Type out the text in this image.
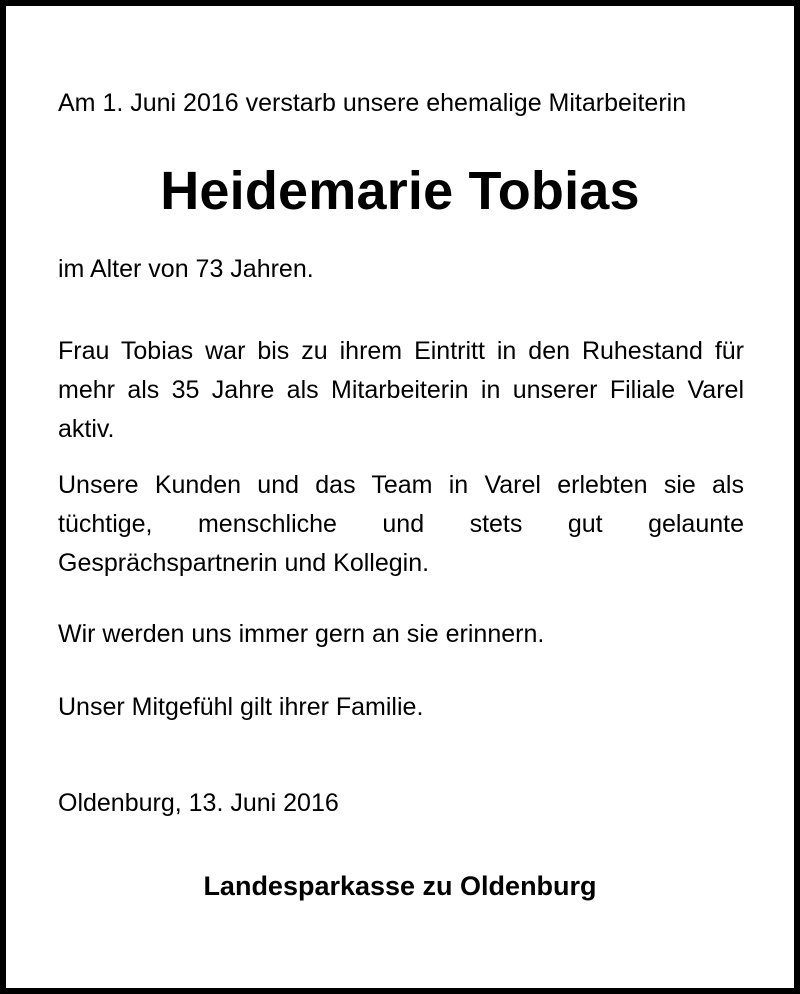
Am 1. Juni 2016 verstarb unsere ehemalige Mitarbeiterin

Heidemarie Tobias

im Alter von 73 Jahren.

Frau Tobias war bis zu ihrem Eintritt in den Ruhestand für mehr als 35 Jahre als Mitarbeiterin in unserer Filiale Varel aktiv.

Unsere Kunden und das Team in Varel erlebten sie als tüchtige, menschliche und stets gut gelaunte Gesprächspartnerin und Kollegin.

Wir werden uns immer gern an sie erinnern.

Unser Mitgefühl gilt ihrer Familie.

Oldenburg, 13. Juni 2016

Landesparkasse zu Oldenburg
